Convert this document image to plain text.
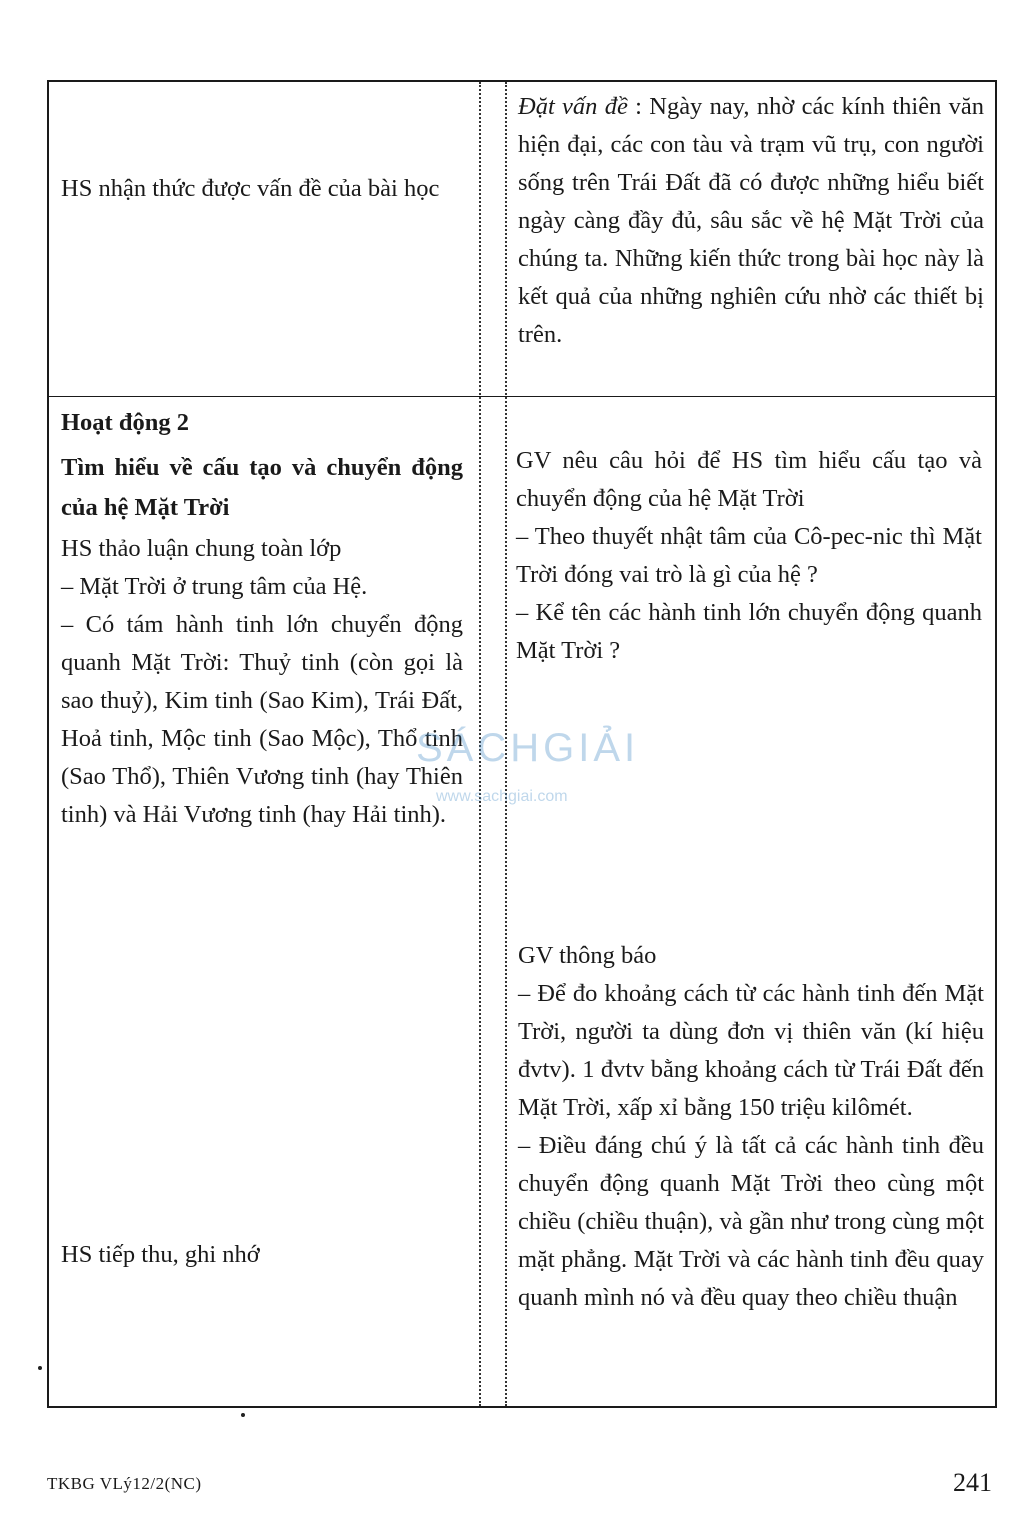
HS nhận thức được vấn đề của bài học

Đặt vấn đề : Ngày nay, nhờ các kính thiên văn hiện đại, các con tàu và trạm vũ trụ, con người sống trên Trái Đất đã có được những hiểu biết ngày càng đầy đủ, sâu sắc về hệ Mặt Trời của chúng ta. Những kiến thức trong bài học này là kết quả của những nghiên cứu nhờ các thiết bị trên.

Hoạt động 2

Tìm hiểu về cấu tạo và chuyển động của hệ Mặt Trời

HS thảo luận chung toàn lớp

– Mặt Trời ở trung tâm của Hệ.

– Có tám hành tinh lớn chuyển động quanh Mặt Trời: Thuỷ tinh (còn gọi là sao thuỷ), Kim tinh (Sao Kim), Trái Đất, Hoả tinh, Mộc tinh (Sao Mộc), Thổ tinh (Sao Thổ), Thiên Vương tinh (hay Thiên tinh) và Hải Vương tinh (hay Hải tinh).

HS tiếp thu, ghi nhớ

GV nêu câu hỏi để HS tìm hiểu cấu tạo và chuyển động của hệ Mặt Trời

– Theo thuyết nhật tâm của Cô-pec-nic thì Mặt Trời đóng vai trò là gì của hệ ?

– Kể tên các hành tinh lớn chuyển động quanh Mặt Trời ?

GV thông báo

– Để đo khoảng cách từ các hành tinh đến Mặt Trời, người ta dùng đơn vị thiên văn (kí hiệu đvtv). 1 đvtv bằng khoảng cách từ Trái Đất đến Mặt Trời, xấp xỉ bằng 150 triệu kilômét.

– Điều đáng chú ý là tất cả các hành tinh đều chuyển động quanh Mặt Trời theo cùng một chiều (chiều thuận), và gần như trong cùng một mặt phẳng. Mặt Trời và các hành tinh đều quay quanh mình nó và đều quay theo chiều thuận

SÁCHGIẢI
www.sachgiai.com
TKBG VLý12/2(NC)	241
